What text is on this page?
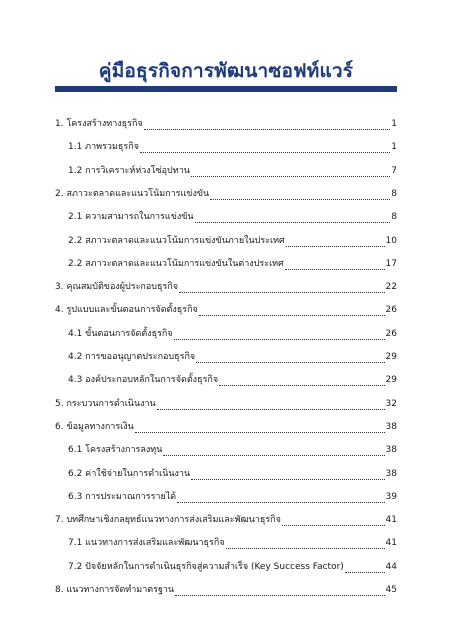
คู่มือธุรกิจการพัฒนาซอฟท์แวร์
1. โครงสร้างทางธุรกิจ	1
1.1 ภาพรวมธุรกิจ	1
1.2 การวิเคราะห์ห่วงโซ่อุปทาน	7
2. สภาวะตลาดและแนวโน้มการแข่งขัน	8
2.1 ความสามารถในการแข่งขัน	8
2.2 สภาวะตลาดและแนวโน้มการแข่งขันภายในประเทศ	10
2.2 สภาวะตลาดและแนวโน้มการแข่งขันในต่างประเทศ	17
3. คุณสมบัติของผู้ประกอบธุรกิจ	22
4. รูปแบบและขั้นตอนการจัดตั้งธุรกิจ	26
4.1 ขั้นตอนการจัดตั้งธุรกิจ	26
4.2 การขออนุญาตประกอบธุรกิจ	29
4.3 องค์ประกอบหลักในการจัดตั้งธุรกิจ	29
5. กระบวนการดำเนินงาน	32
6. ข้อมูลทางการเงิน	38
6.1 โครงสร้างการลงทุน	38
6.2 ค่าใช้จ่ายในการดำเนินงาน	38
6.3 การประมาณการรายได้	39
7. บทศึกษาเชิงกลยุทธ์แนวทางการส่งเสริมและพัฒนาธุรกิจ	41
7.1 แนวทางการส่งเสริมและพัฒนาธุรกิจ	41
7.2 ปัจจัยหลักในการดำเนินธุรกิจสู่ความสำเร็จ (Key Success Factor)	44
8. แนวทางการจัดทำมาตรฐาน	45
